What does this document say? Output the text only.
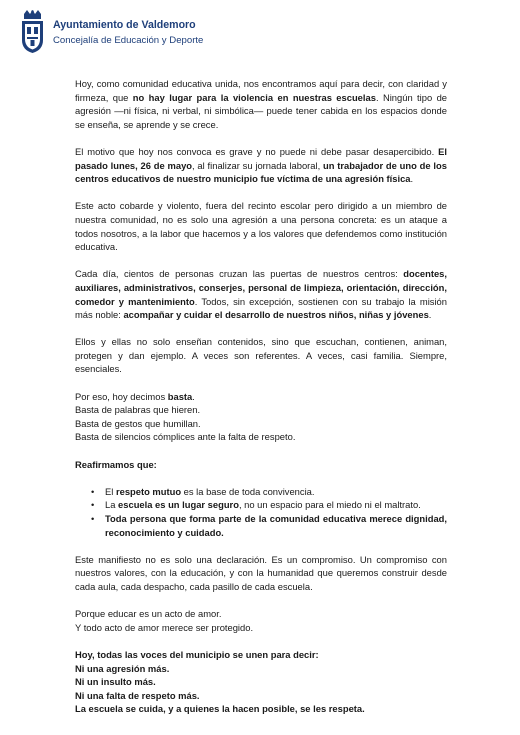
Ayuntamiento de Valdemoro
Concejalía de Educación y Deporte

Hoy, como comunidad educativa unida, nos encontramos aquí para decir, con claridad y firmeza, que no hay lugar para la violencia en nuestras escuelas. Ningún tipo de agresión —ni física, ni verbal, ni simbólica— puede tener cabida en los espacios donde se enseña, se aprende y se crece.

El motivo que hoy nos convoca es grave y no puede ni debe pasar desapercibido. El pasado lunes, 26 de mayo, al finalizar su jornada laboral, un trabajador de uno de los centros educativos de nuestro municipio fue víctima de una agresión física.

Este acto cobarde y violento, fuera del recinto escolar pero dirigido a un miembro de nuestra comunidad, no es solo una agresión a una persona concreta: es un ataque a todos nosotros, a la labor que hacemos y a los valores que defendemos como institución educativa.

Cada día, cientos de personas cruzan las puertas de nuestros centros: docentes, auxiliares, administrativos, conserjes, personal de limpieza, orientación, dirección, comedor y mantenimiento. Todos, sin excepción, sostienen con su trabajo la misión más noble: acompañar y cuidar el desarrollo de nuestros niños, niñas y jóvenes.

Ellos y ellas no solo enseñan contenidos, sino que escuchan, contienen, animan, protegen y dan ejemplo. A veces son referentes. A veces, casi familia. Siempre, esenciales.

Por eso, hoy decimos basta.
Basta de palabras que hieren.
Basta de gestos que humillan.
Basta de silencios cómplices ante la falta de respeto.

Reafirmamos que:

• El respeto mutuo es la base de toda convivencia.
• La escuela es un lugar seguro, no un espacio para el miedo ni el maltrato.
• Toda persona que forma parte de la comunidad educativa merece dignidad, reconocimiento y cuidado.

Este manifiesto no es solo una declaración. Es un compromiso. Un compromiso con nuestros valores, con la educación, y con la humanidad que queremos construir desde cada aula, cada despacho, cada pasillo de cada escuela.

Porque educar es un acto de amor.
Y todo acto de amor merece ser protegido.
Hoy, todas las voces del municipio se unen para decir:
Ni una agresión más.
Ni un insulto más.
Ni una falta de respeto más.
La escuela se cuida, y a quienes la hacen posible, se les respeta.
